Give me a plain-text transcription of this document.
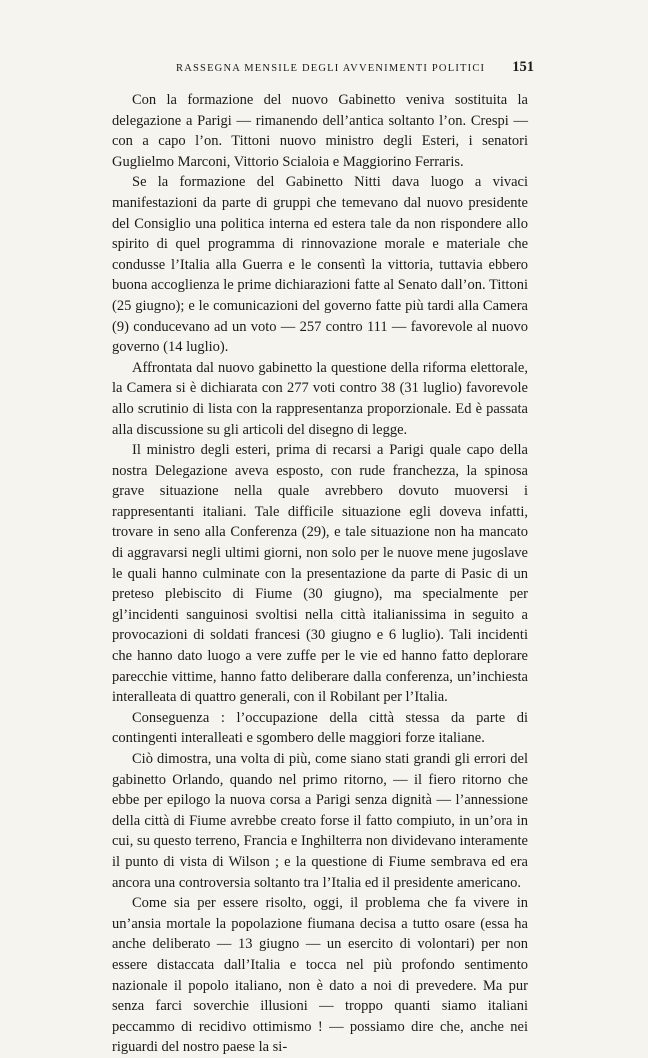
RASSEGNA MENSILE DEGLI AVVENIMENTI POLITICI 151

Con la formazione del nuovo Gabinetto veniva sostituita la delegazione a Parigi — rimanendo dell’antica soltanto l’on. Crespi — con a capo l’on. Tittoni nuovo ministro degli Esteri, i senatori Guglielmo Marconi, Vittorio Scialoia e Maggiorino Ferraris.

Se la formazione del Gabinetto Nitti dava luogo a vivaci manifestazioni da parte di gruppi che temevano dal nuovo presidente del Consiglio una politica interna ed estera tale da non rispondere allo spirito di quel programma di rinnovazione morale e materiale che condusse l’Italia alla Guerra e le consentì la vittoria, tuttavia ebbero buona accoglienza le prime dichiarazioni fatte al Senato dall’on. Tittoni (25 giugno); e le comunicazioni del governo fatte più tardi alla Camera (9) conducevano ad un voto — 257 contro 111 — favorevole al nuovo governo (14 luglio).

Affrontata dal nuovo gabinetto la questione della riforma elettorale, la Camera si è dichiarata con 277 voti contro 38 (31 luglio) favorevole allo scrutinio di lista con la rappresentanza proporzionale. Ed è passata alla discussione su gli articoli del disegno di legge.

Il ministro degli esteri, prima di recarsi a Parigi quale capo della nostra Delegazione aveva esposto, con rude franchezza, la spinosa grave situazione nella quale avrebbero dovuto muoversi i rappresentanti italiani. Tale difficile situazione egli doveva infatti, trovare in seno alla Conferenza (29), e tale situazione non ha mancato di aggravarsi negli ultimi giorni, non solo per le nuove mene jugoslave le quali hanno culminate con la presentazione da parte di Pasic di un preteso plebiscito di Fiume (30 giugno), ma specialmente per gl’incidenti sanguinosi svoltisi nella città italianissima in seguito a provocazioni di soldati francesi (30 giugno e 6 luglio). Tali incidenti che hanno dato luogo a vere zuffe per le vie ed hanno fatto deplorare parecchie vittime, hanno fatto deliberare dalla conferenza, un’inchiesta interalleata di quattro generali, con il Robilant per l’Italia.

Conseguenza : l’occupazione della città stessa da parte di contingenti interalleati e sgombero delle maggiori forze italiane.

Ciò dimostra, una volta di più, come siano stati grandi gli errori del gabinetto Orlando, quando nel primo ritorno, — il fiero ritorno che ebbe per epilogo la nuova corsa a Parigi senza dignità — l’annessione della città di Fiume avrebbe creato forse il fatto compiuto, in un’ora in cui, su questo terreno, Francia e Inghilterra non dividevano interamente il punto di vista di Wilson ; e la questione di Fiume sembrava ed era ancora una controversia soltanto tra l’Italia ed il presidente americano.

Come sia per essere risolto, oggi, il problema che fa vivere in un’ansia mortale la popolazione fiumana decisa a tutto osare (essa ha anche deliberato — 13 giugno — un esercito di volontari) per non essere distaccata dall’Italia e tocca nel più profondo sentimento nazionale il popolo italiano, non è dato a noi di prevedere. Ma pur senza farci soverchie illusioni — troppo quanti siamo italiani peccammo di recidivo ottimismo ! — possiamo dire che, anche nei riguardi del nostro paese la si-
